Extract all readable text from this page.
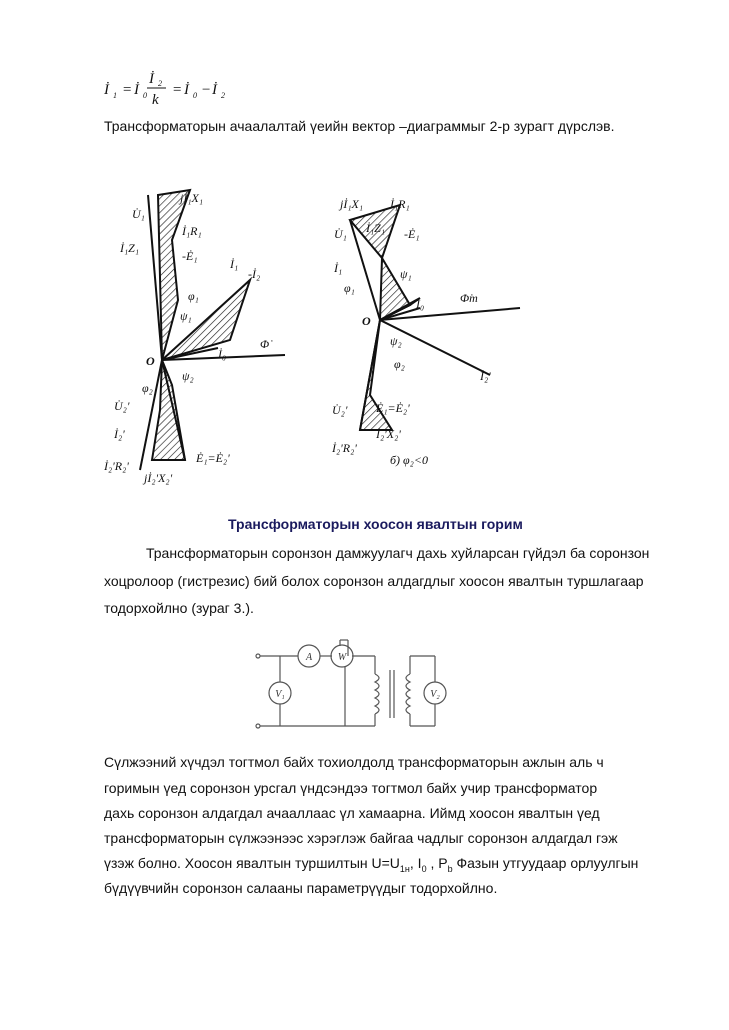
İ 1 = İ 0
İ 2
k
= İ 0 − İ 2
Трансформаторын ачаалалтай үеийн вектор –диаграммыг 2-р зурагт дүрслэв.
jİ₁X₁
U̇₁
İ₁R₁
İ₁Z₁
-Ė₁
İ₁
-İ₂
φ₁
ψ₁
O	İ₀
Φ̇
ψ₂
φ₂
U̇₂'
İ₂'
İ₂'R₂'
jİ₂'X₂'
Ė₁=Ė₂'
jİ₁X₁ İ₁R₁
U̇₁ İ₁Z₁ -Ė₁
İ₁
φ₁
ψ₁
İ₀	Φ̇m
O
ψ₂
φ₂
İ₂'
U̇₂' Ė₁=Ė₂'
İ₂'X₂'
İ₂'R₂'
б) φ₂<0
Трансформаторын хоосон явалтын горим
Трансформаторын соронзон дамжуулагч дахь хуйларсан гүйдэл ба соронзон
хоцролоор (гистрезис) бий болох соронзон алдагдлыг хоосон явалтын туршлагаар
тодорхойлно (зураг 3.).
A	W
V₁	V₂
Сүлжээний хүчдэл тогтмол байх тохиолдолд трансформаторын ажлын аль ч
горимын үед соронзон урсгал үндсэндээ тогтмол байх учир трансформатор
дахь соронзон алдагдал ачааллаас үл хамаарна. Иймд хоосон явалтын үед
трансформаторын сүлжээнээс хэрэглэж байгаа чадлыг соронзон алдагдал гэж
үзэж болно. Хоосон явалтын туршилтын $U=U_{1н}$, $I_0$ , $P_b$ Фазын утгуудаар орлуулгын
бүдүүвчийн соронзон салааны параметрүүдыг тодорхойлно.
